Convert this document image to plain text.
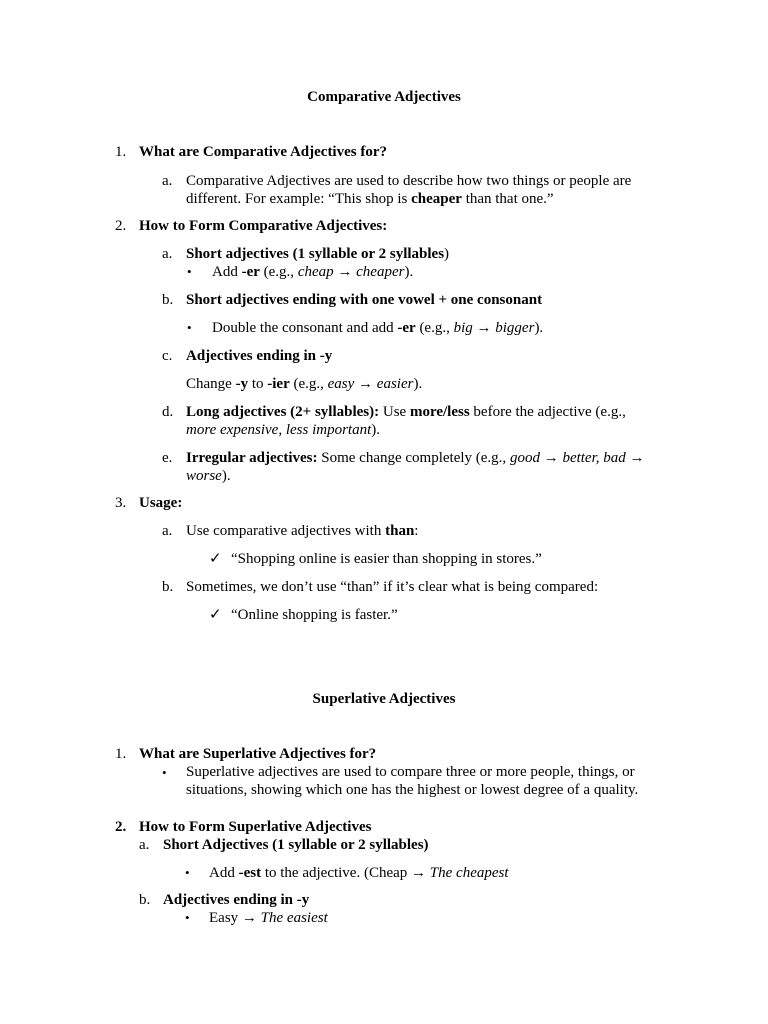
Comparative Adjectives
1. What are Comparative Adjectives for?
a. Comparative Adjectives are used to describe how two things or people are
different. For example: “This shop is cheaper than that one.”
2. How to Form Comparative Adjectives:
a. Short adjectives (1 syllable or 2 syllables)
• Add -er (e.g., cheap → cheaper).
b. Short adjectives ending with one vowel + one consonant
• Double the consonant and add -er (e.g., big → bigger).
c. Adjectives ending in -y
Change -y to -ier (e.g., easy → easier).
d. Long adjectives (2+ syllables): Use more/less before the adjective (e.g.,
more expensive, less important).
e. Irregular adjectives: Some change completely (e.g., good → better, bad →
worse).
3. Usage:
a. Use comparative adjectives with than:
✓ “Shopping online is easier than shopping in stores.”
b. Sometimes, we don’t use “than” if it’s clear what is being compared:
✓ “Online shopping is faster.”
Superlative Adjectives
1. What are Superlative Adjectives for?
• Superlative adjectives are used to compare three or more people, things, or
situations, showing which one has the highest or lowest degree of a quality.
2. How to Form Superlative Adjectives
a. Short Adjectives (1 syllable or 2 syllables)
• Add -est to the adjective. (Cheap → The cheapest
b. Adjectives ending in -y
• Easy → The easiest
